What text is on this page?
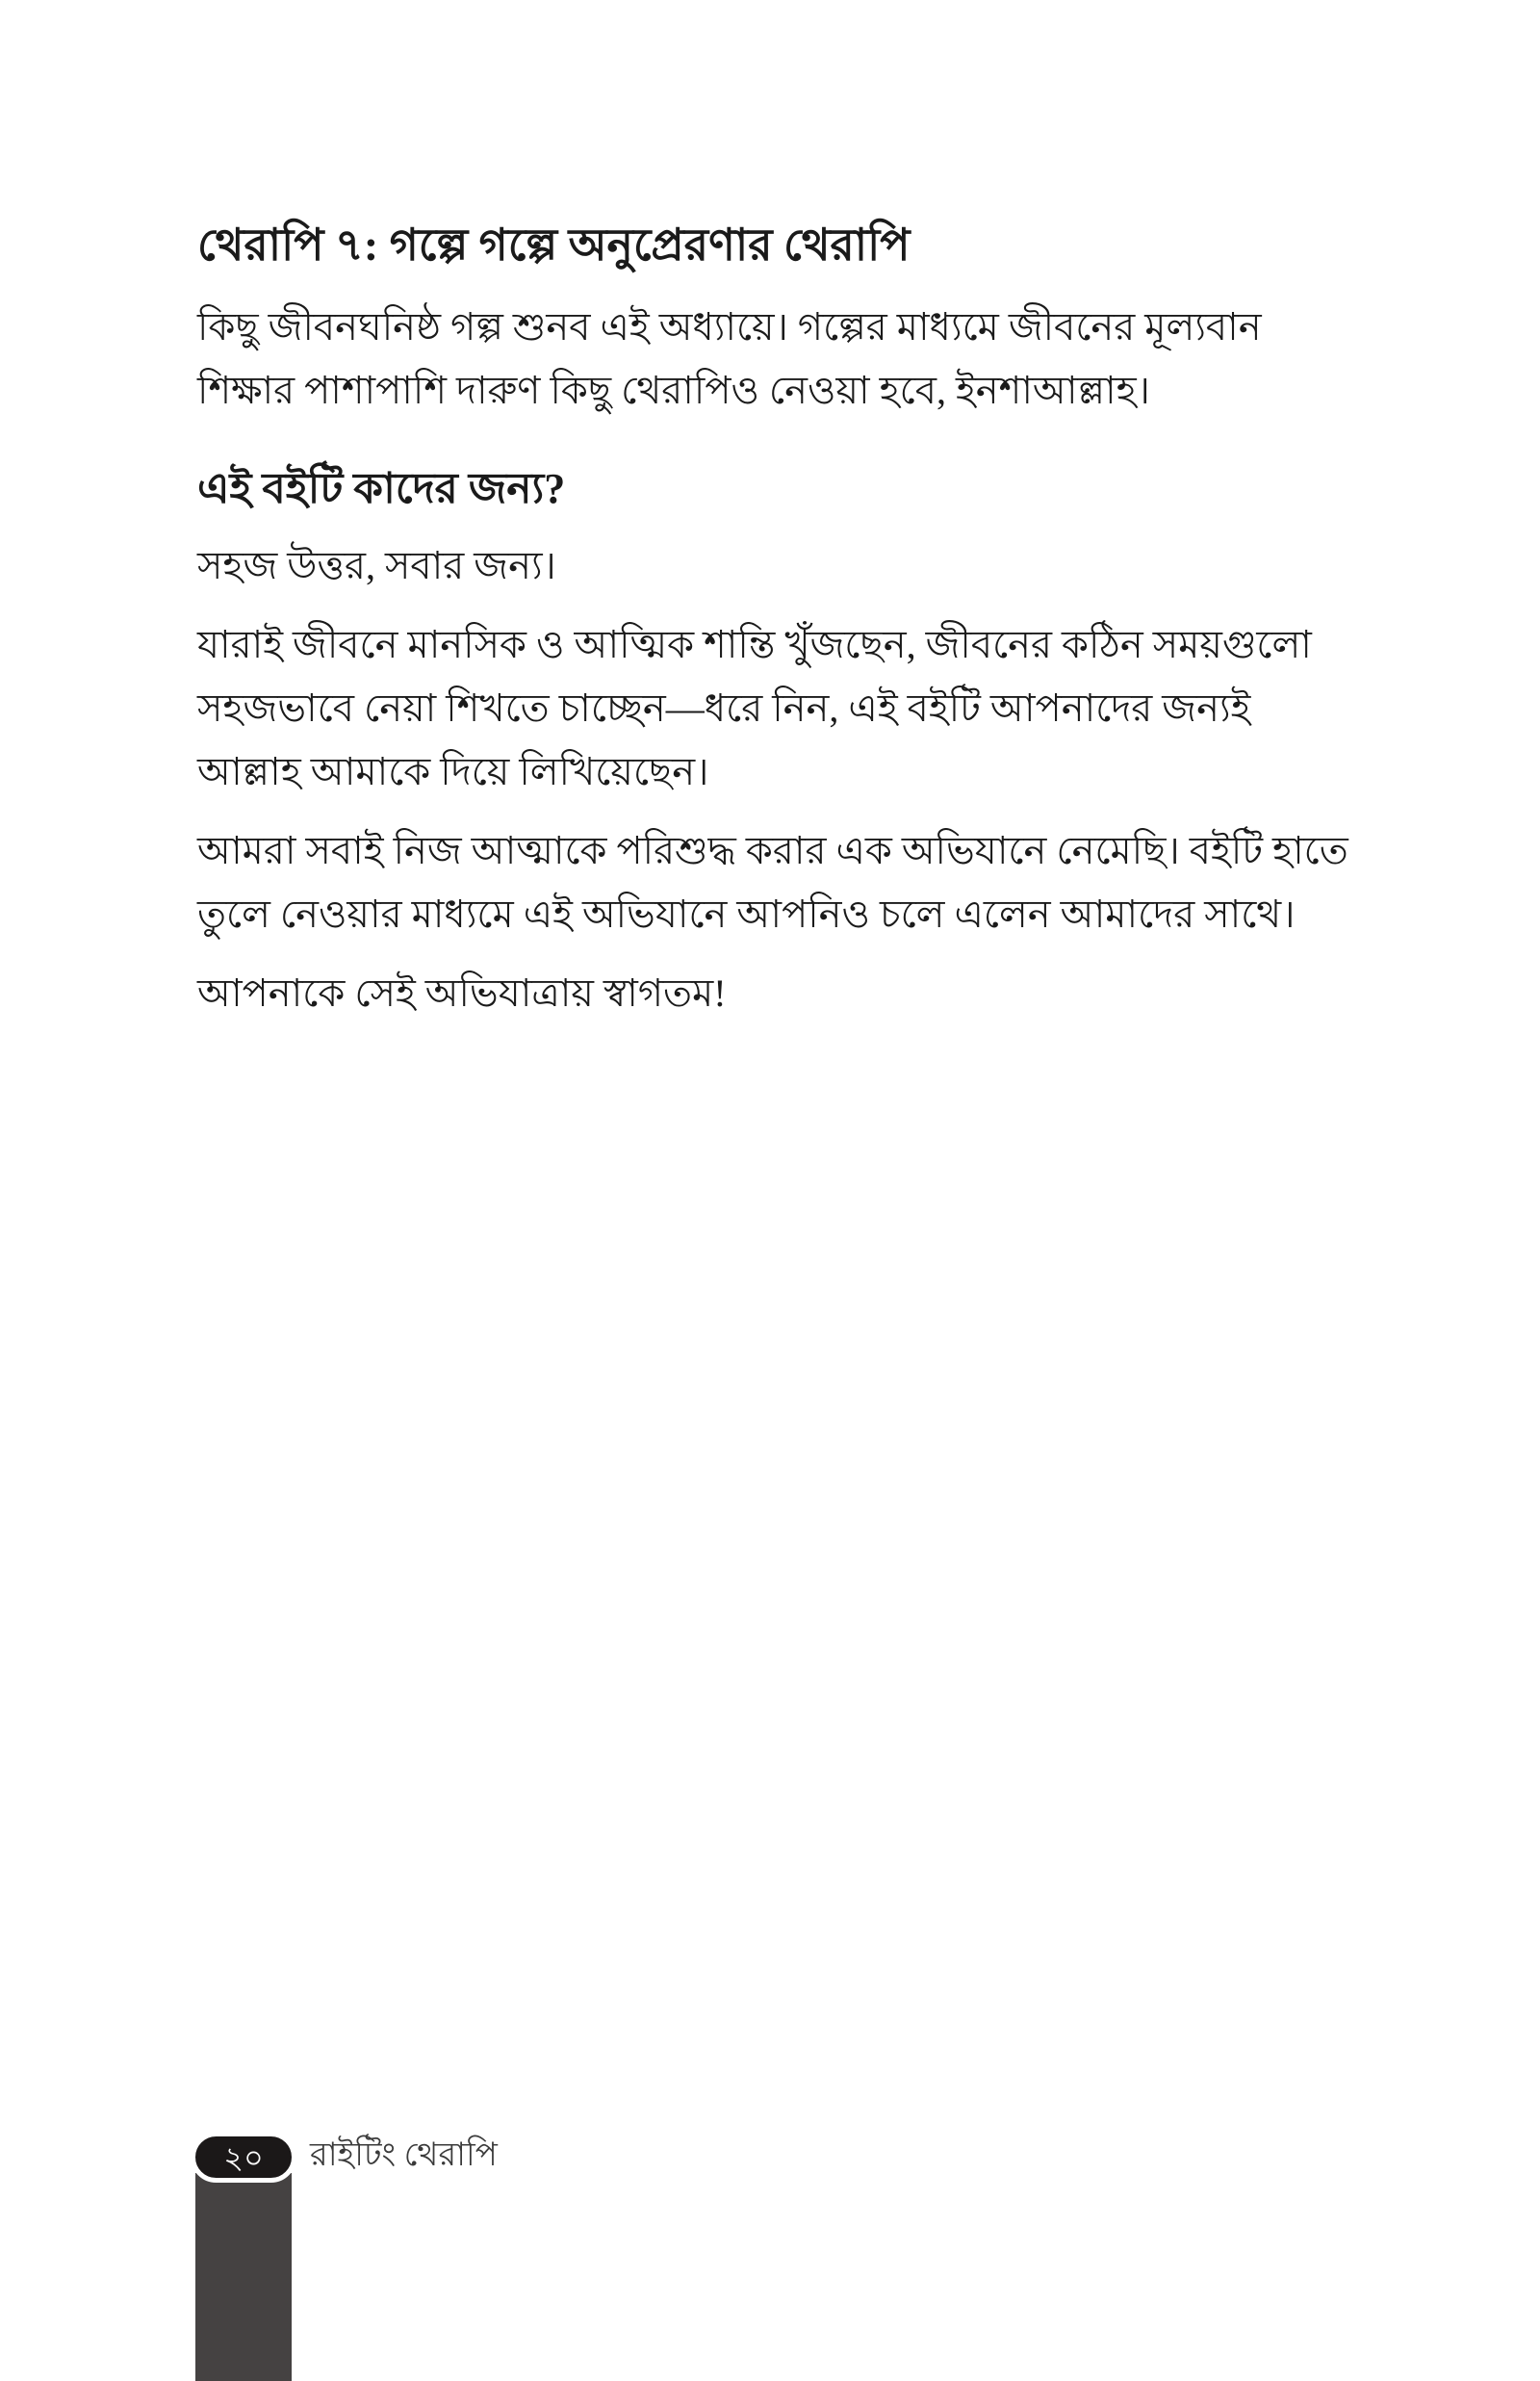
থেরাপি ৭: গল্পে গল্পে অনুপ্রেরণার থেরাপি

কিছু জীবনঘনিষ্ঠ গল্প শুনব এই অধ্যায়ে। গল্পের মাধ্যমে জীবনের মূল্যবান শিক্ষার পাশাপাশি দারুণ কিছু থেরাপিও নেওয়া হবে, ইনশাআল্লাহ।

এই বইটি কাদের জন্য?

সহজ উত্তর, সবার জন্য।

যারাই জীবনে মানসিক ও আত্মিক শান্তি খুঁজছেন, জীবনের কঠিন সময়গুলো সহজভাবে নেয়া শিখতে চাচ্ছেন—ধরে নিন, এই বইটি আপনাদের জন্যই আল্লাহ আমাকে দিয়ে লিখিয়েছেন।

আমরা সবাই নিজ আত্মাকে পরিশুদ্ধ করার এক অভিযানে নেমেছি। বইটি হাতে তুলে নেওয়ার মাধ্যমে এই অভিযানে আপনিও চলে এলেন আমাদের সাথে।

আপনাকে সেই অভিযাত্রায় স্বাগতম!

২০ রাইটিং থেরাপি
